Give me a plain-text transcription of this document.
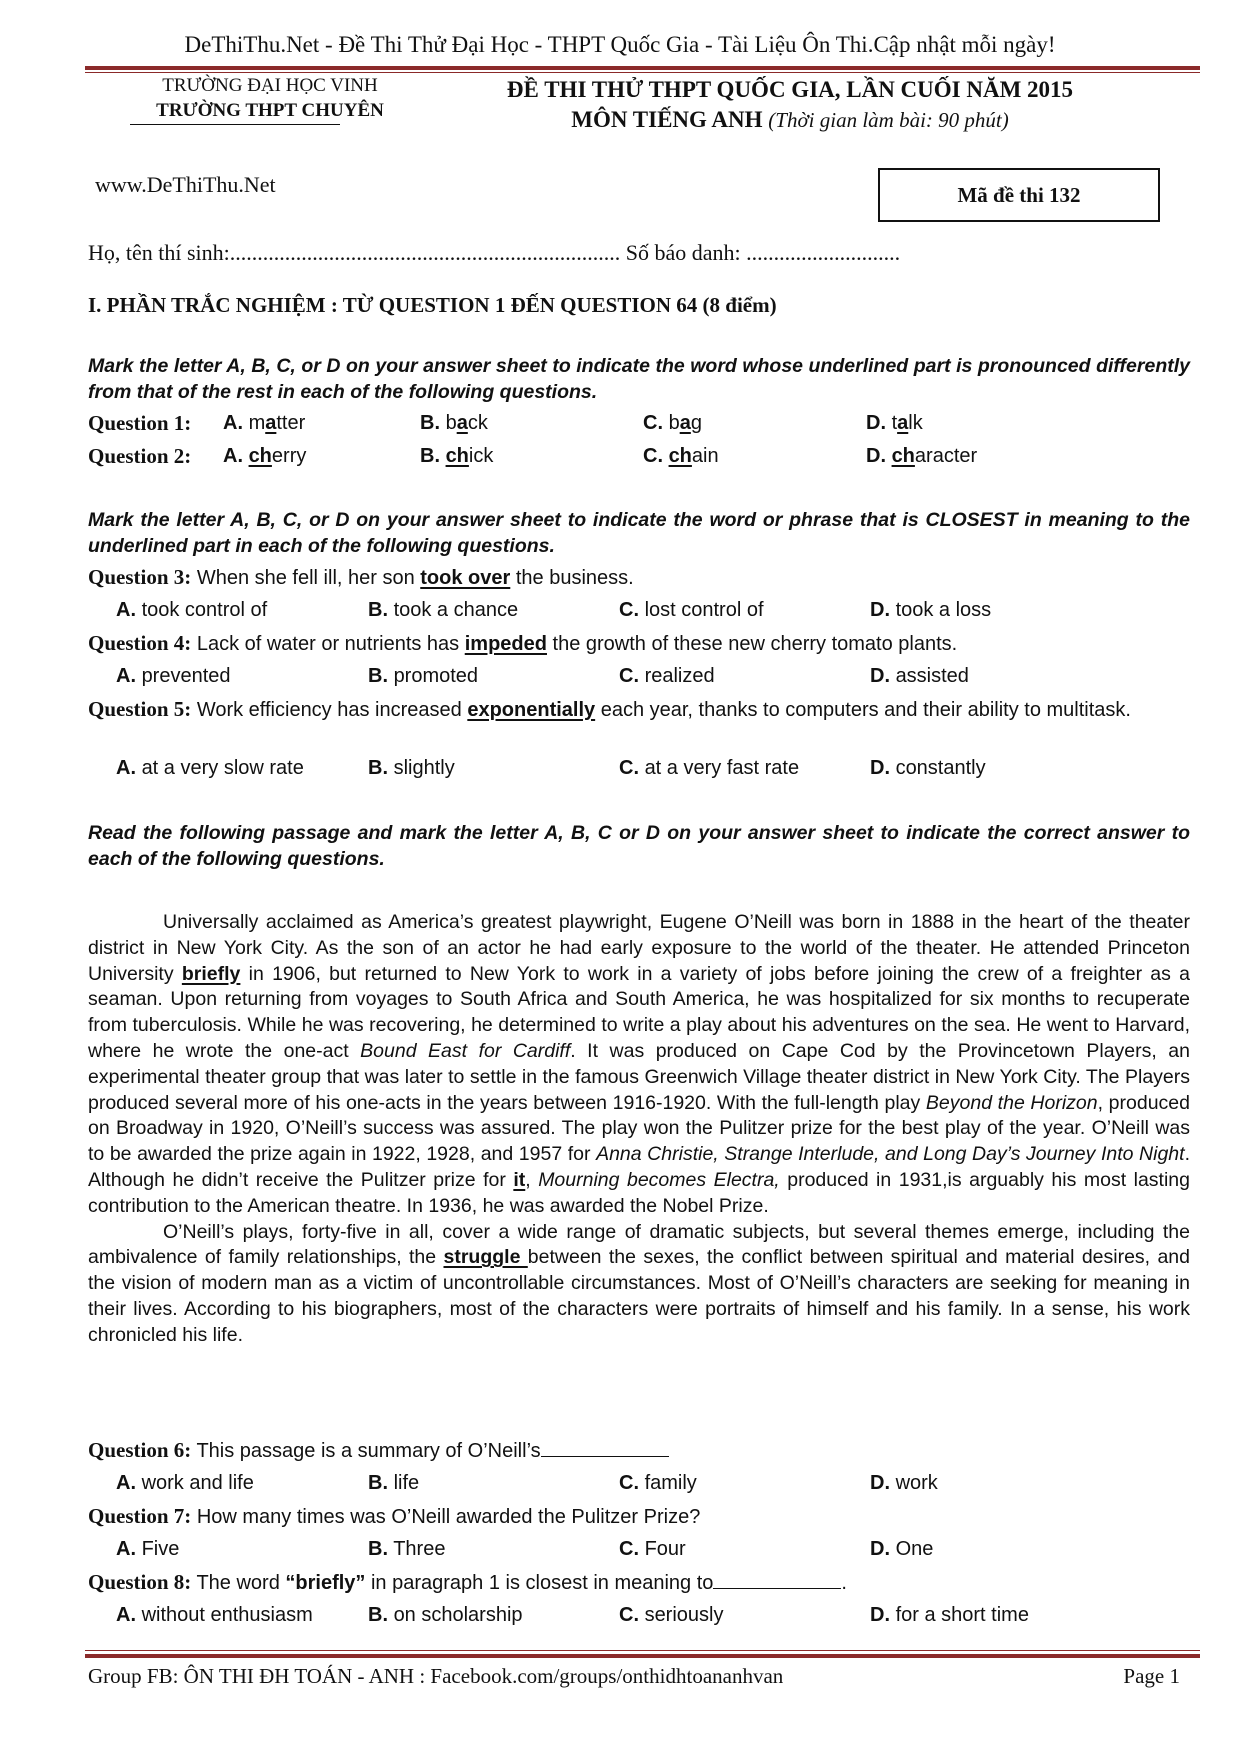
DeThiThu.Net - Đề Thi Thử Đại Học - THPT Quốc Gia - Tài Liệu Ôn Thi.Cập nhật mỗi ngày!
TRƯỜNG ĐẠI HỌC VINH
TRƯỜNG THPT CHUYÊN
ĐỀ THI THỬ THPT QUỐC GIA, LẦN CUỐI NĂM 2015
MÔN TIẾNG ANH (Thời gian làm bài: 90 phút)
www.DeThiThu.Net	Mã đề thi 132
Họ, tên thí sinh:....................................................................... Số báo danh: ............................
I. PHẦN TRẮC NGHIỆM : TỪ QUESTION 1 ĐẾN QUESTION 64 (8 điểm)
Mark the letter A, B, C, or D on your answer sheet to indicate the word whose underlined part is pronounced differently from that of the rest in each of the following questions.
Question 1: A. matter	B. back	C. bag	D. talk
Question 2: A. cherry	B. chick	C. chain	D. character
Mark the letter A, B, C, or D on your answer sheet to indicate the word or phrase that is CLOSEST in meaning to the underlined part in each of the following questions.
Question 3: When she fell ill, her son took over the business.
A. took control of	B. took a chance	C. lost control of	D. took a loss
Question 4: Lack of water or nutrients has impeded the growth of these new cherry tomato plants.
A. prevented	B. promoted	C. realized	D. assisted
Question 5: Work efficiency has increased exponentially each year, thanks to computers and their ability to multitask.
A. at a very slow rate	B. slightly	C. at a very fast rate	D. constantly
Read the following passage and mark the letter A, B, C or D on your answer sheet to indicate the correct answer to each of the following questions.

Universally acclaimed as America’s greatest playwright, Eugene O’Neill was born in 1888 in the heart of the theater district in New York City. As the son of an actor he had early exposure to the world of the theater. He attended Princeton University briefly in 1906, but returned to New York to work in a variety of jobs before joining the crew of a freighter as a seaman. Upon returning from voyages to South Africa and South America, he was hospitalized for six months to recuperate from tuberculosis. While he was recovering, he determined to write a play about his adventures on the sea. He went to Harvard, where he wrote the one-act Bound East for Cardiff. It was produced on Cape Cod by the Provincetown Players, an experimental theater group that was later to settle in the famous Greenwich Village theater district in New York City. The Players produced several more of his one-acts in the years between 1916-1920. With the full-length play Beyond the Horizon, produced on Broadway in 1920, O’Neill’s success was assured. The play won the Pulitzer prize for the best play of the year. O’Neill was to be awarded the prize again in 1922, 1928, and 1957 for Anna Christie, Strange Interlude, and Long Day’s Journey Into Night. Although he didn’t receive the Pulitzer prize for it, Mourning becomes Electra, produced in 1931,is arguably his most lasting contribution to the American theatre. In 1936, he was awarded the Nobel Prize.

O’Neill’s plays, forty-five in all, cover a wide range of dramatic subjects, but several themes emerge, including the ambivalence of family relationships, the struggle between the sexes, the conflict between spiritual and material desires, and the vision of modern man as a victim of uncontrollable circumstances. Most of O’Neill’s characters are seeking for meaning in their lives. According to his biographers, most of the characters were portraits of himself and his family. In a sense, his work chronicled his life.

Question 6: This passage is a summary of O’Neill’s
A. work and life	B. life	C. family	D. work
Question 7: How many times was O’Neill awarded the Pulitzer Prize?
A. Five	B. Three	C. Four	D. One
Question 8: The word “briefly” in paragraph 1 is closest in meaning to	.
A. without enthusiasm	B. on scholarship	C. seriously	D. for a short time
Group FB: ÔN THI ĐH TOÁN - ANH : Facebook.com/groups/onthidhtoananhvan	Page 1
